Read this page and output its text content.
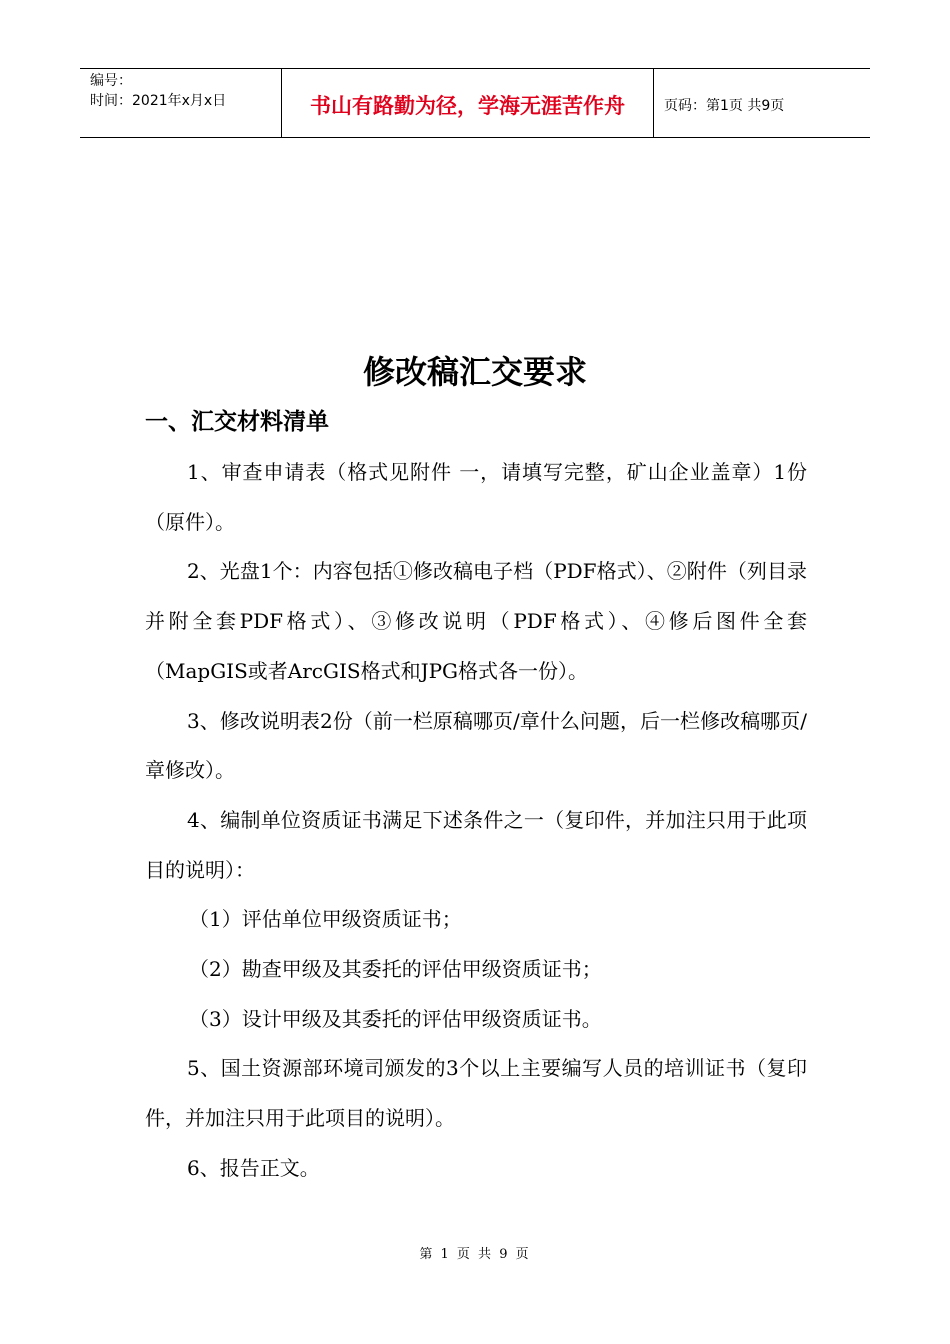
编号：
时间：2021年x月x日	书山有路勤为径，学海无涯苦作舟	页码：第1页 共9页
修改稿汇交要求
一、汇交材料清单

1、审查申请表（格式见附件 一，请填写完整，矿山企业盖章）1份（原件）。

2、光盘1个：内容包括①修改稿电子档（PDF格式）、②附件（列目录并附全套PDF格式）、③修改说明（PDF格式）、④修后图件全套（MapGIS或者ArcGIS格式和JPG格式各一份）。

3、修改说明表2份（前一栏原稿哪页/章什么问题，后一栏修改稿哪页/章修改）。

4、编制单位资质证书满足下述条件之一（复印件，并加注只用于此项目的说明）：

（1）评估单位甲级资质证书；

（2）勘查甲级及其委托的评估甲级资质证书；

（3）设计甲级及其委托的评估甲级资质证书。

5、国土资源部环境司颁发的3个以上主要编写人员的培训证书（复印件，并加注只用于此项目的说明）。

6、报告正文。

第 1 页 共 9 页
